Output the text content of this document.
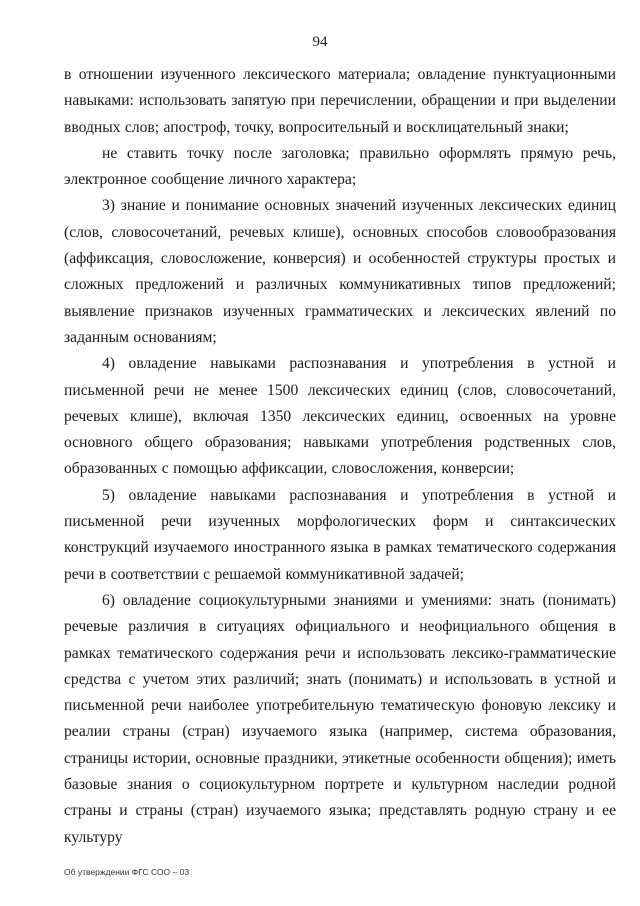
94

в отношении изученного лексического материала; овладение пунктуационными навыками: использовать запятую при перечислении, обращении и при выделении вводных слов; апостроф, точку, вопросительный и восклицательный знаки;

не ставить точку после заголовка; правильно оформлять прямую речь, электронное сообщение личного характера;

3) знание и понимание основных значений изученных лексических единиц (слов, словосочетаний, речевых клише), основных способов словообразования (аффиксация, словосложение, конверсия) и особенностей структуры простых и сложных предложений и различных коммуникативных типов предложений; выявление признаков изученных грамматических и лексических явлений по заданным основаниям;

4) овладение навыками распознавания и употребления в устной и письменной речи не менее 1500 лексических единиц (слов, словосочетаний, речевых клише), включая 1350 лексических единиц, освоенных на уровне основного общего образования; навыками употребления родственных слов, образованных с помощью аффиксации, словосложения, конверсии;

5) овладение навыками распознавания и употребления в устной и письменной речи изученных морфологических форм и синтаксических конструкций изучаемого иностранного языка в рамках тематического содержания речи в соответствии с решаемой коммуникативной задачей;

6) овладение социокультурными знаниями и умениями: знать (понимать) речевые различия в ситуациях официального и неофициального общения в рамках тематического содержания речи и использовать лексико-грамматические средства с учетом этих различий; знать (понимать) и использовать в устной и письменной речи наиболее употребительную тематическую фоновую лексику и реалии страны (стран) изучаемого языка (например, система образования, страницы истории, основные праздники, этикетные особенности общения); иметь базовые знания о социокультурном портрете и культурном наследии родной страны и страны (стран) изучаемого языка; представлять родную страну и ее культуру

Об утверждении ФГС СОО – 03
